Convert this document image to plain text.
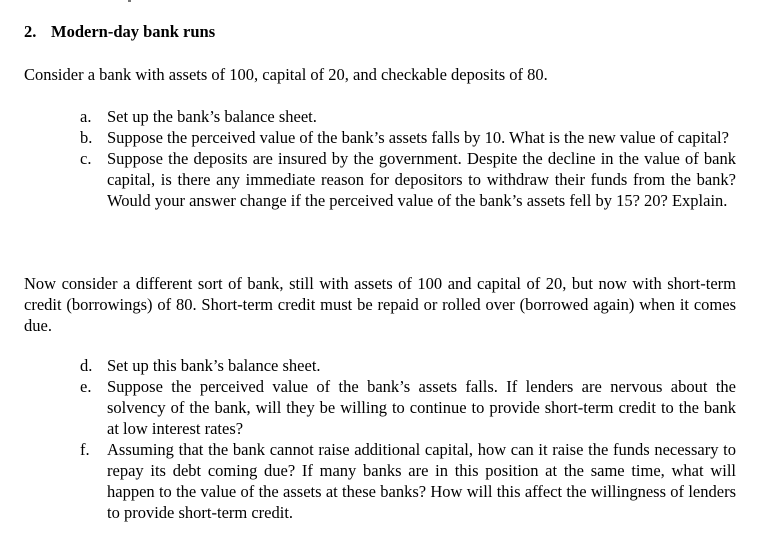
2. Modern-day bank runs
Consider a bank with assets of 100, capital of 20, and checkable deposits of 80.
a. Set up the bank’s balance sheet.
b. Suppose the perceived value of the bank’s assets falls by 10. What is the new value of capital?
c. Suppose the deposits are insured by the government. Despite the decline in the value of bank capital, is there any immediate reason for depositors to withdraw their funds from the bank? Would your answer change if the perceived value of the bank’s assets fell by 15? 20? Explain.
Now consider a different sort of bank, still with assets of 100 and capital of 20, but now with short-term credit (borrowings) of 80. Short-term credit must be repaid or rolled over (borrowed again) when it comes due.
d. Set up this bank’s balance sheet.
e. Suppose the perceived value of the bank’s assets falls. If lenders are nervous about the solvency of the bank, will they be willing to continue to provide short-term credit to the bank at low interest rates?
f. Assuming that the bank cannot raise additional capital, how can it raise the funds necessary to repay its debt coming due? If many banks are in this position at the same time, what will happen to the value of the assets at these banks? How will this affect the willingness of lenders to provide short-term credit.
